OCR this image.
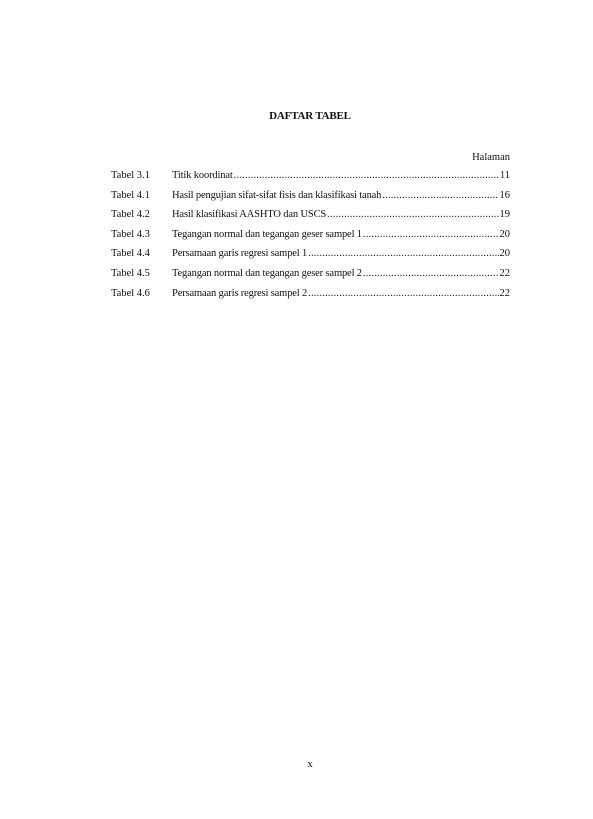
DAFTAR TABEL
Halaman
Tabel 3.1	Titik koordinat .....	11
Tabel 4.1	Hasil pengujian sifat-sifat fisis dan klasifikasi tanah .....	16
Tabel 4.2	Hasil klasifikasi AASHTO dan USCS .....	19
Tabel 4.3	Tegangan normal dan tegangan geser sampel 1 .....	20
Tabel 4.4	Persamaan garis regresi sampel 1 .....	20
Tabel 4.5	Tegangan normal dan tegangan geser sampel 2 .....	22
Tabel 4.6	Persamaan garis regresi sampel 2 .....	22
x
